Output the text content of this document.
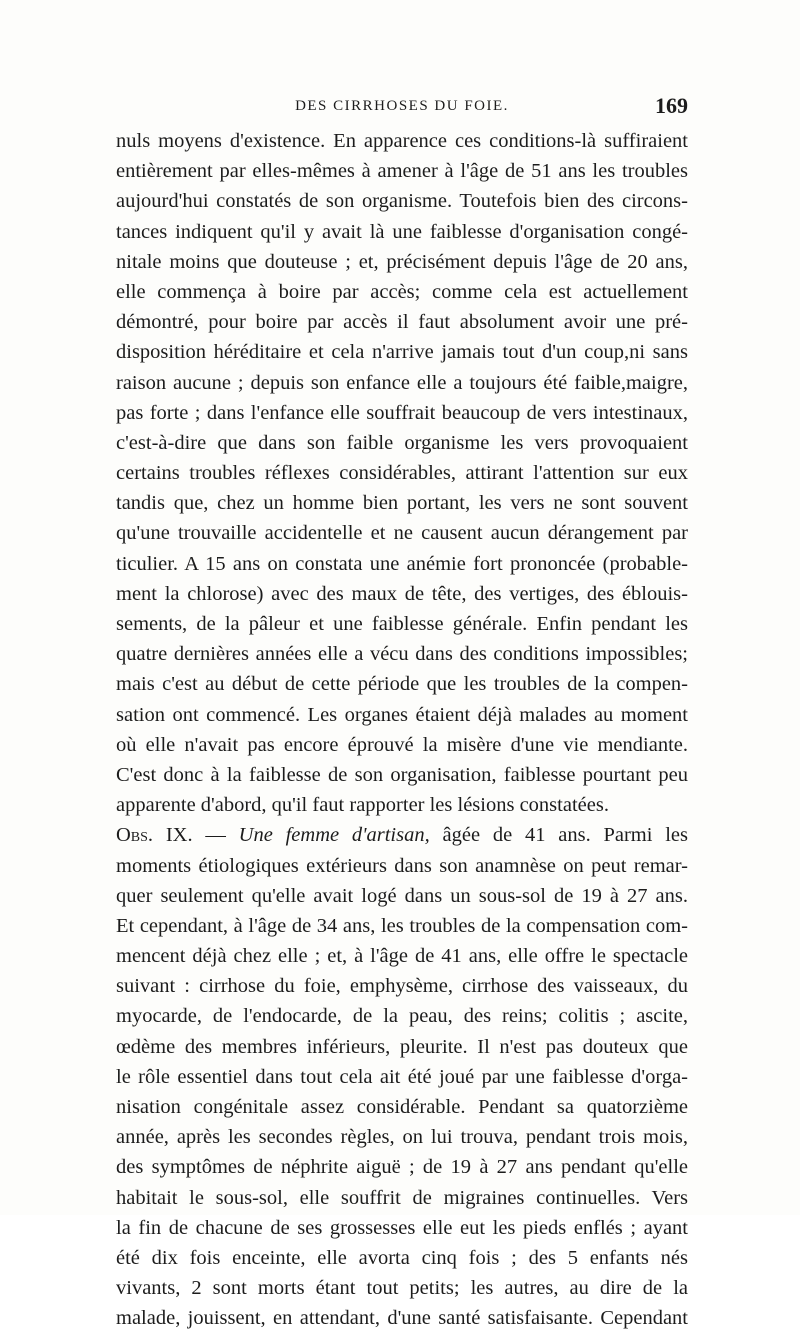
DES CIRRHOSES DU FOIE.	169
nuls moyens d'existence. En apparence ces conditions-là suffiraient
entièrement par elles-mêmes à amener à l'âge de 51 ans les troubles
aujourd'hui constatés de son organisme. Toutefois bien des circons-
tances indiquent qu'il y avait là une faiblesse d'organisation congé-
nitale moins que douteuse ; et, précisément depuis l'âge de 20 ans,
elle commença à boire par accès; comme cela est actuellement
démontré, pour boire par accès il faut absolument avoir une pré-
disposition héréditaire et cela n'arrive jamais tout d'un coup,ni sans
raison aucune ; depuis son enfance elle a toujours été faible,maigre,
pas forte ; dans l'enfance elle souffrait beaucoup de vers intestinaux,
c'est-à-dire que dans son faible organisme les vers provoquaient
certains troubles réflexes considérables, attirant l'attention sur eux
tandis que, chez un homme bien portant, les vers ne sont souvent
qu'une trouvaille accidentelle et ne causent aucun dérangement par
ticulier. A 15 ans on constata une anémie fort prononcée (probable-
ment la chlorose) avec des maux de tête, des vertiges, des éblouis-
sements, de la pâleur et une faiblesse générale. Enfin pendant les
quatre dernières années elle a vécu dans des conditions impossibles;
mais c'est au début de cette période que les troubles de la compen-
sation ont commencé. Les organes étaient déjà malades au moment
où elle n'avait pas encore éprouvé la misère d'une vie mendiante.
C'est donc à la faiblesse de son organisation, faiblesse pourtant peu
apparente d'abord, qu'il faut rapporter les lésions constatées.
Obs. IX. — Une femme d'artisan, âgée de 41 ans. Parmi les
moments étiologiques extérieurs dans son anamnèse on peut remar-
quer seulement qu'elle avait logé dans un sous-sol de 19 à 27 ans.
Et cependant, à l'âge de 34 ans, les troubles de la compensation com-
mencent déjà chez elle ; et, à l'âge de 41 ans, elle offre le spectacle
suivant : cirrhose du foie, emphysème, cirrhose des vaisseaux, du
myocarde, de l'endocarde, de la peau, des reins; colitis ; ascite,
œdème des membres inférieurs, pleurite. Il n'est pas douteux que
le rôle essentiel dans tout cela ait été joué par une faiblesse d'orga-
nisation congénitale assez considérable. Pendant sa quatorzième
année, après les secondes règles, on lui trouva, pendant trois mois,
des symptômes de néphrite aiguë ; de 19 à 27 ans pendant qu'elle
habitait le sous-sol, elle souffrit de migraines continuelles. Vers
la fin de chacune de ses grossesses elle eut les pieds enflés ; ayant
été dix fois enceinte, elle avorta cinq fois ; des 5 enfants nés
vivants, 2 sont morts étant tout petits; les autres, au dire de la
malade, jouissent, en attendant, d'une santé satisfaisante. Cependant
